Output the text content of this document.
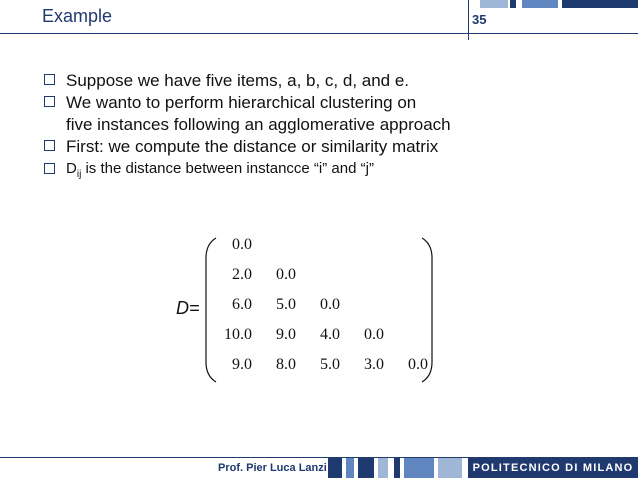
Example	35
Suppose we have five items, a, b, c, d, and e.
We wanto to perform hierarchical clustering on
five instances following an agglomerative approach
First: we compute the distance or similarity matrix
$D_{ij}$ is the distance between instancce “i” and “j”
D=
0.0
2.0	0.0
6.0	5.0	0.0
10.0	9.0	4.0	0.0
9.0	8.0	5.0	3.0	0.0
Prof. Pier Luca Lanzi	POLITECNICO DI MILANO
